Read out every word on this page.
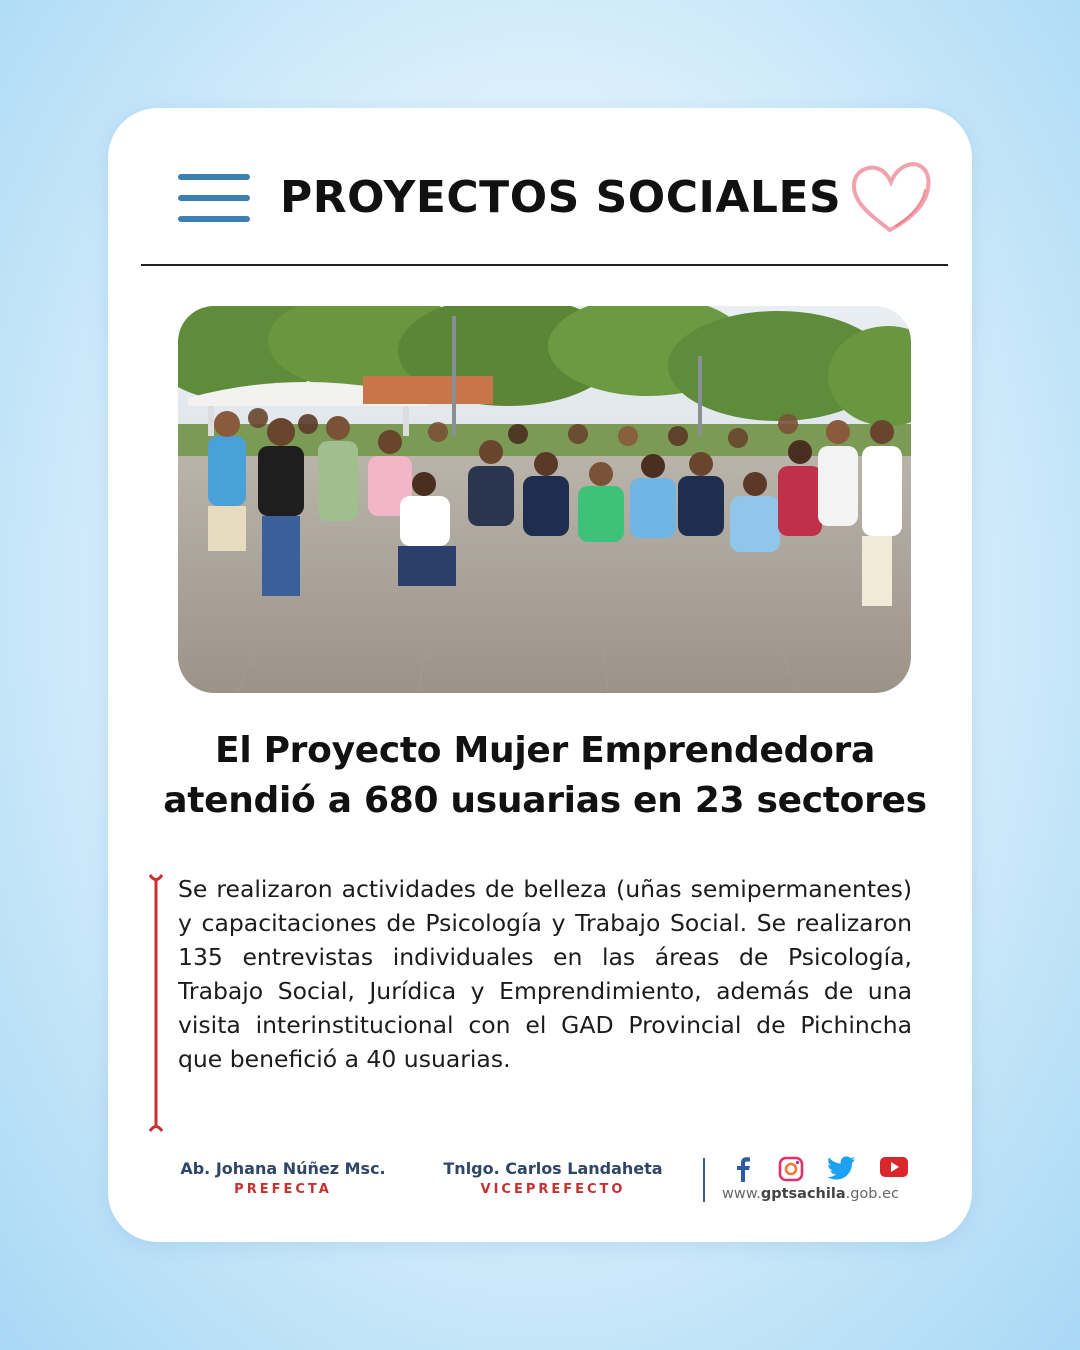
PROYECTOS SOCIALES
El Proyecto Mujer Emprendedora atendió a 680 usuarias en 23 sectores

Se realizaron actividades de belleza (uñas semipermanentes) y capacitaciones de Psicología y Trabajo Social. Se realizaron 135 entrevistas individuales en las áreas de Psicología, Trabajo Social, Jurídica y Emprendimiento, además de una visita interinstitucional con el GAD Provincial de Pichincha que benefició a 40 usuarias.

Ab. Johana Núñez Msc.
PREFECTA
Tnlgo. Carlos Landaheta
VICEPREFECTO	www.gptsachila.gob.ec
